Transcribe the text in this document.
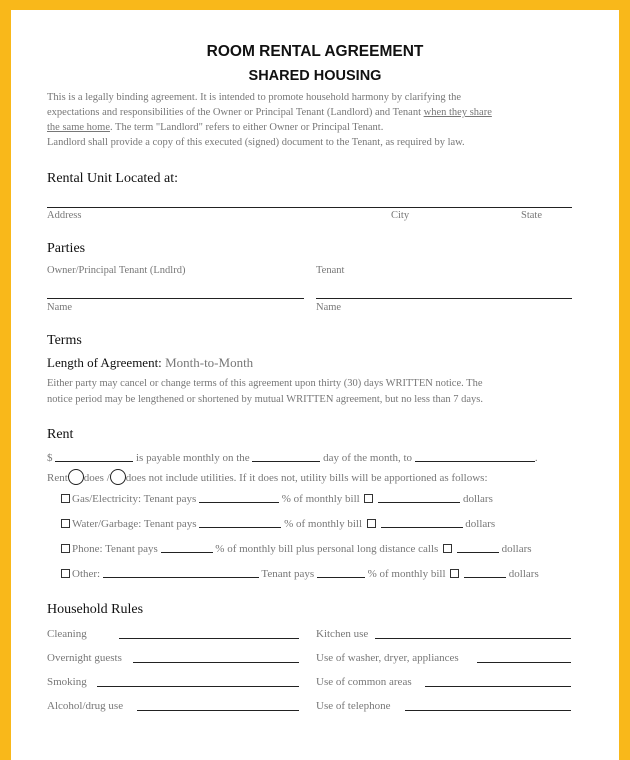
ROOM RENTAL AGREEMENT
SHARED HOUSING
This is a legally binding agreement. It is intended to promote household harmony by clarifying the
expectations and responsibilities of the Owner or Principal Tenant (Landlord) and Tenant when they share
the same home. The term "Landlord" refers to either Owner or Principal Tenant.
Landlord shall provide a copy of this executed (signed) document to the Tenant, as required by law.
Rental Unit Located at:
Address	City	State
Parties
Owner/Principal Tenant (Lndlrd)	Tenant
Name	Name
Terms
Length of Agreement: Month-to-Month
Either party may cancel or change terms of this agreement upon thirty (30) days WRITTEN notice. The
notice period may be lengthened or shortened by mutual WRITTEN agreement, but no less than 7 days.
Rent
$	is payable monthly on the	day of the month, to	.
Rent does / does not include utilities. If it does not, utility bills will be apportioned as follows:
Gas/Electricity: Tenant pays	% of monthly bill	dollars
Water/Garbage: Tenant pays	% of monthly bill	dollars
Phone: Tenant pays	% of monthly bill plus personal long distance calls	dollars
Other:	Tenant pays	% of monthly bill	dollars
Household Rules
Cleaning	Kitchen use
Overnight guests	Use of washer, dryer, appliances
Smoking	Use of common areas
Alcohol/drug use	Use of telephone
